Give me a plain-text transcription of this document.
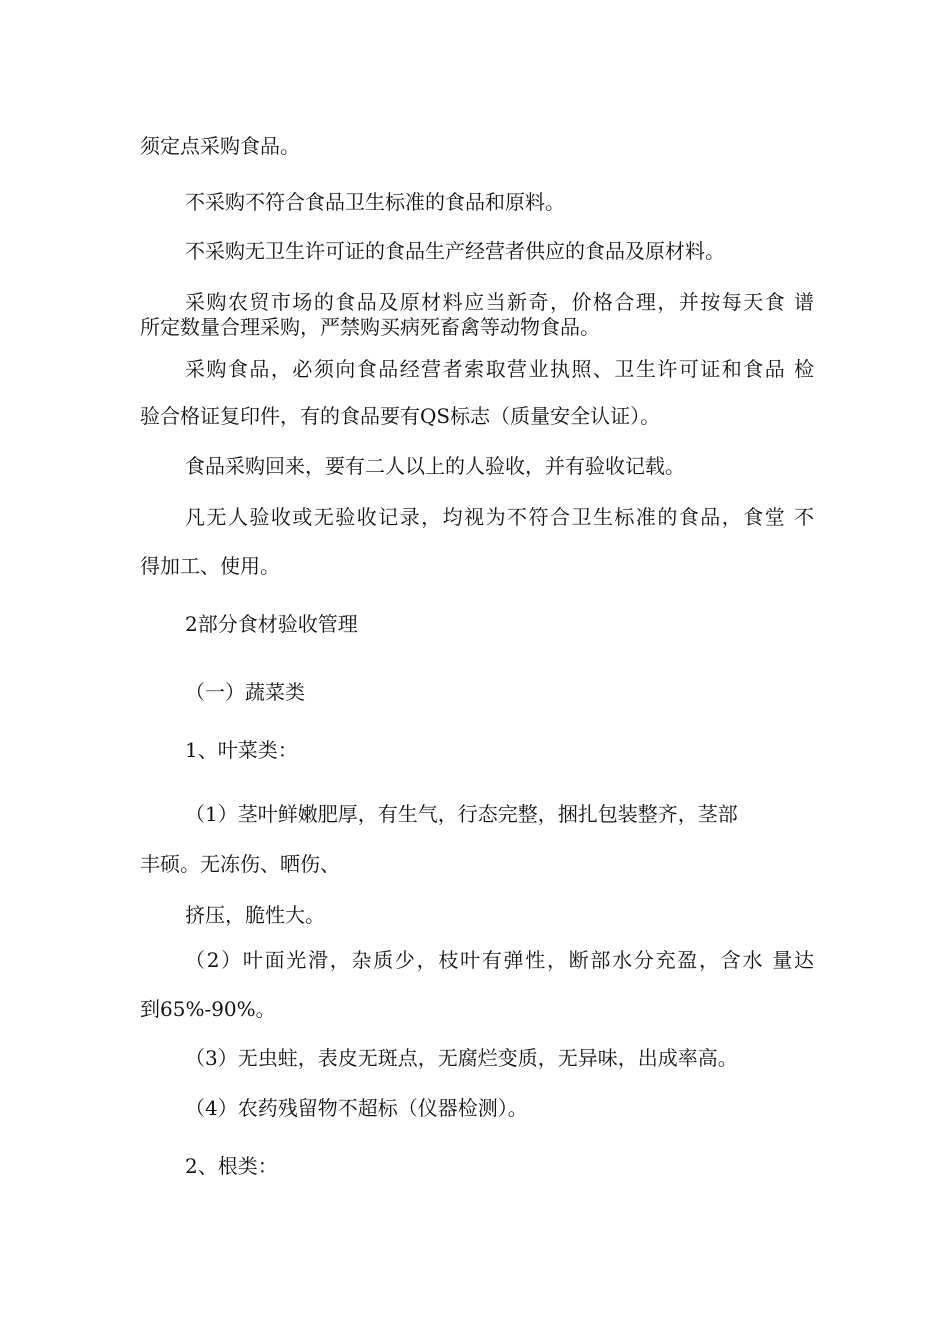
须定点采购食品。

不采购不符合食品卫生标准的食品和原料。

不采购无卫生许可证的食品生产经营者供应的食品及原材料。

采购农贸市场的食品及原材料应当新奇，价格合理，并按每天食 谱

所定数量合理采购，严禁购买病死畜禽等动物食品。

采购食品，必须向食品经营者索取营业执照、卫生许可证和食品 检

验合格证复印件，有的食品要有QS标志（质量安全认证）。

食品采购回来，要有二人以上的人验收，并有验收记载。

凡无人验收或无验收记录，均视为不符合卫生标准的食品，食堂 不

得加工、使用。

2部分食材验收管理

（一）蔬菜类

1、叶菜类：

（1）茎叶鲜嫩肥厚，有生气，行态完整，捆扎包装整齐，茎部

丰硕。无冻伤、晒伤、

挤压，脆性大。

（2）叶面光滑，杂质少，枝叶有弹性，断部水分充盈，含水 量达

到65%-90%。

（3）无虫蛀，表皮无斑点，无腐烂变质，无异味，出成率高。

（4）农药残留物不超标（仪器检测）。

2、根类：
